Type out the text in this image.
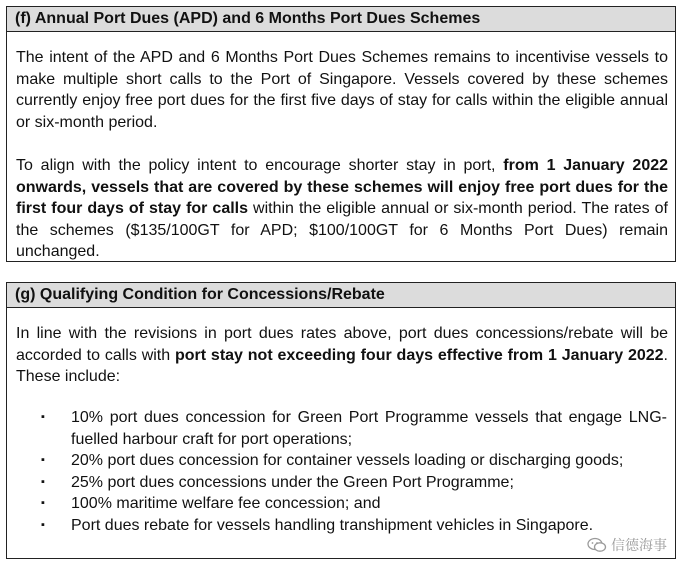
(f) Annual Port Dues (APD) and 6 Months Port Dues Schemes

The intent of the APD and 6 Months Port Dues Schemes remains to incentivise vessels to make multiple short calls to the Port of Singapore. Vessels covered by these schemes currently enjoy free port dues for the first five days of stay for calls within the eligible annual or six-month period.

To align with the policy intent to encourage shorter stay in port, from 1 January 2022 onwards, vessels that are covered by these schemes will enjoy free port dues for the first four days of stay for calls within the eligible annual or six-month period. The rates of the schemes ($135/100GT for APD; $100/100GT for 6 Months Port Dues) remain unchanged.

(g) Qualifying Condition for Concessions/Rebate

In line with the revisions in port dues rates above, port dues concessions/rebate will be accorded to calls with port stay not exceeding four days effective from 1 January 2022. These include:

▪ 10% port dues concession for Green Port Programme vessels that engage LNG-fuelled harbour craft for port operations;
▪ 20% port dues concession for container vessels loading or discharging goods;
▪ 25% port dues concessions under the Green Port Programme;
▪ 100% maritime welfare fee concession; and
▪ Port dues rebate for vessels handling transhipment vehicles in Singapore.
信德海事
